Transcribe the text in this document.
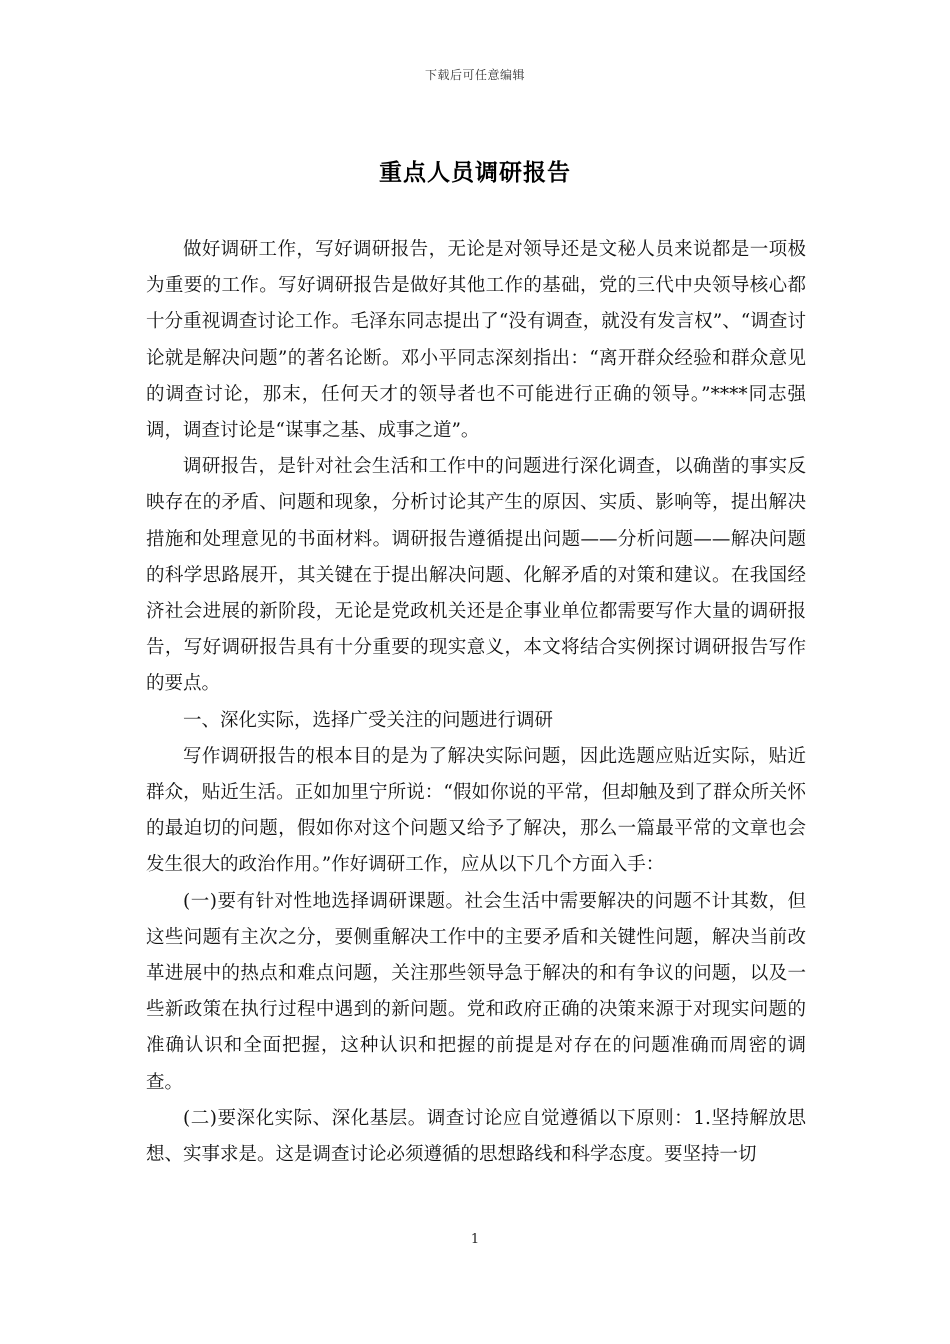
下载后可任意编辑
重点人员调研报告

做好调研工作，写好调研报告，无论是对领导还是文秘人员来说都是一项极为重要的工作。写好调研报告是做好其他工作的基础，党的三代中央领导核心都十分重视调查讨论工作。毛泽东同志提出了“没有调查，就没有发言权”、“调查讨论就是解决问题”的著名论断。邓小平同志深刻指出：“离开群众经验和群众意见的调查讨论，那末，任何天才的领导者也不可能进行正确的领导。”****同志强调，调查讨论是“谋事之基、成事之道”。

调研报告，是针对社会生活和工作中的问题进行深化调查，以确凿的事实反映存在的矛盾、问题和现象，分析讨论其产生的原因、实质、影响等，提出解决措施和处理意见的书面材料。调研报告遵循提出问题——分析问题——解决问题的科学思路展开，其关键在于提出解决问题、化解矛盾的对策和建议。在我国经济社会进展的新阶段，无论是党政机关还是企事业单位都需要写作大量的调研报告，写好调研报告具有十分重要的现实意义，本文将结合实例探讨调研报告写作的要点。

一、深化实际，选择广受关注的问题进行调研

写作调研报告的根本目的是为了解决实际问题，因此选题应贴近实际，贴近群众，贴近生活。正如加里宁所说：“假如你说的平常，但却触及到了群众所关怀的最迫切的问题，假如你对这个问题又给予了解决，那么一篇最平常的文章也会发生很大的政治作用。”作好调研工作，应从以下几个方面入手：

(一)要有针对性地选择调研课题。社会生活中需要解决的问题不计其数，但这些问题有主次之分，要侧重解决工作中的主要矛盾和关键性问题，解决当前改革进展中的热点和难点问题，关注那些领导急于解决的和有争议的问题，以及一些新政策在执行过程中遇到的新问题。党和政府正确的决策来源于对现实问题的准确认识和全面把握，这种认识和把握的前提是对存在的问题准确而周密的调查。

(二)要深化实际、深化基层。调查讨论应自觉遵循以下原则：1.坚持解放思想、实事求是。这是调查讨论必须遵循的思想路线和科学态度。要坚持一切

1
